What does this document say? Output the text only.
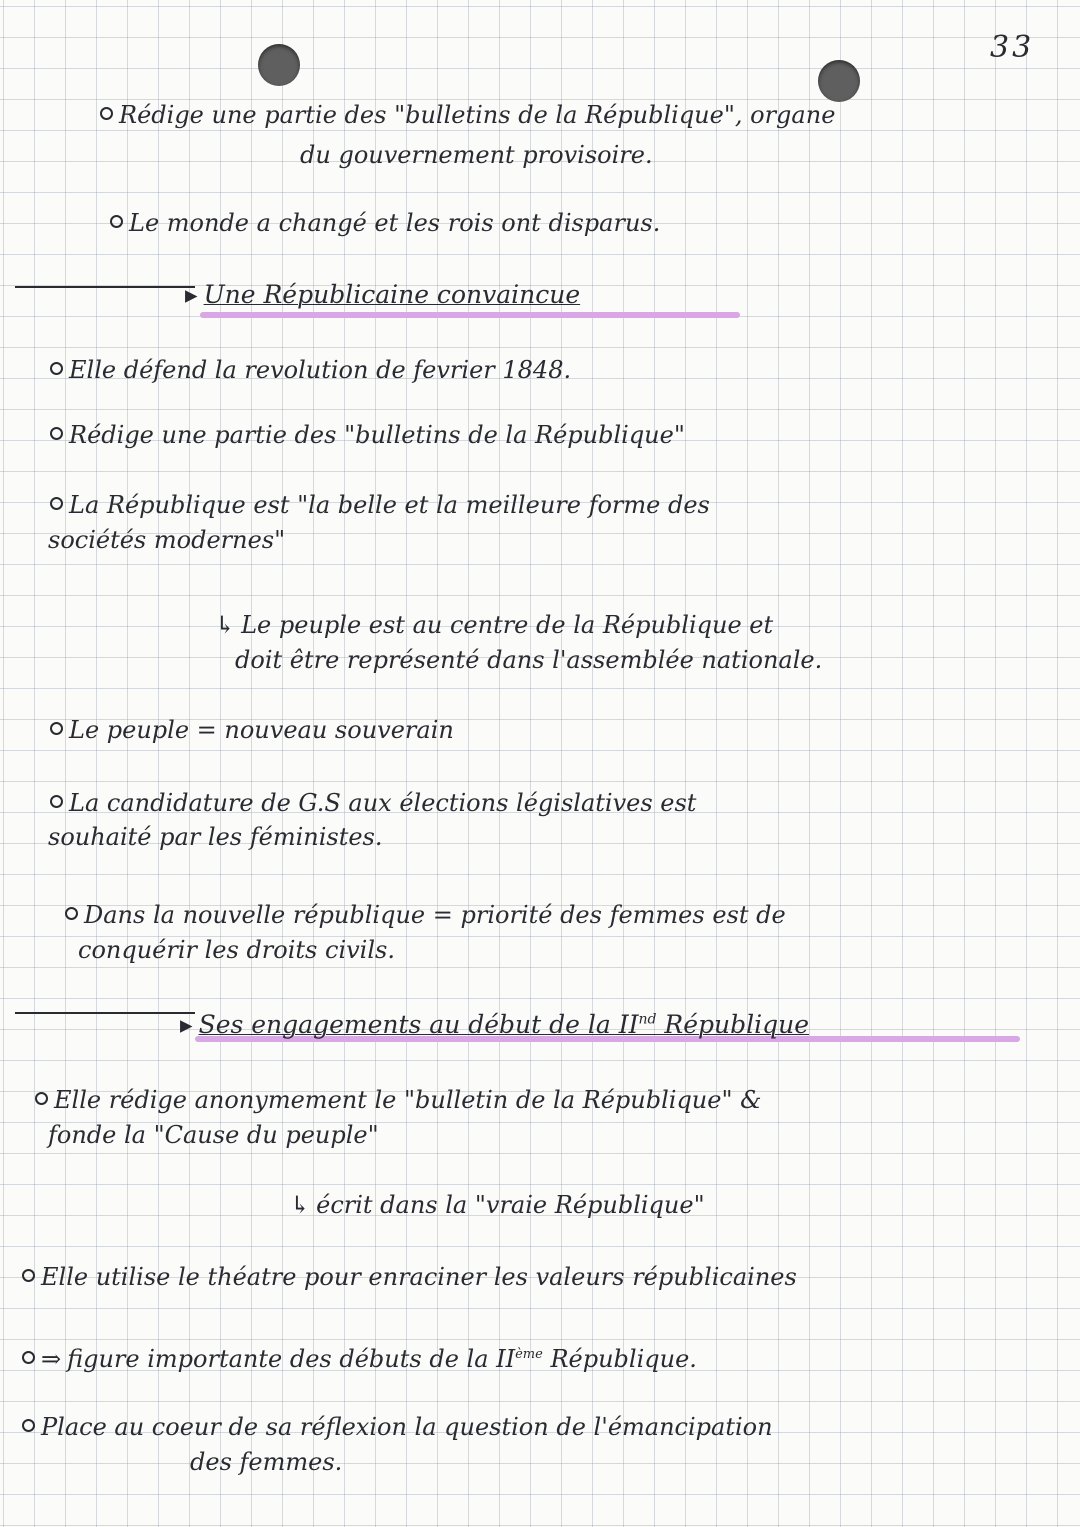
33
Rédige une partie des "bulletins de la République", organe
du gouvernement provisoire.
Le monde a changé et les rois ont disparus.
▸ Une Républicaine convaincue
Elle défend la revolution de fevrier 1848.
Rédige une partie des "bulletins de la République"
La République est "la belle et la meilleure forme des
sociétés modernes"
↳ Le peuple est au centre de la République et
doit être représenté dans l'assemblée nationale.
Le peuple = nouveau souverain
La candidature de G.S aux élections législatives est
souhaité par les féministes.
Dans la nouvelle république = priorité des femmes est de
conquérir les droits civils.
▸ Ses engagements au début de la IInd République
Elle rédige anonymement le "bulletin de la République" &
fonde la "Cause du peuple"
↳ écrit dans la "vraie République"
Elle utilise le théatre pour enraciner les valeurs républicaines
⇒ figure importante des débuts de la IIème République.
Place au coeur de sa réflexion la question de l'émancipation
des femmes.
